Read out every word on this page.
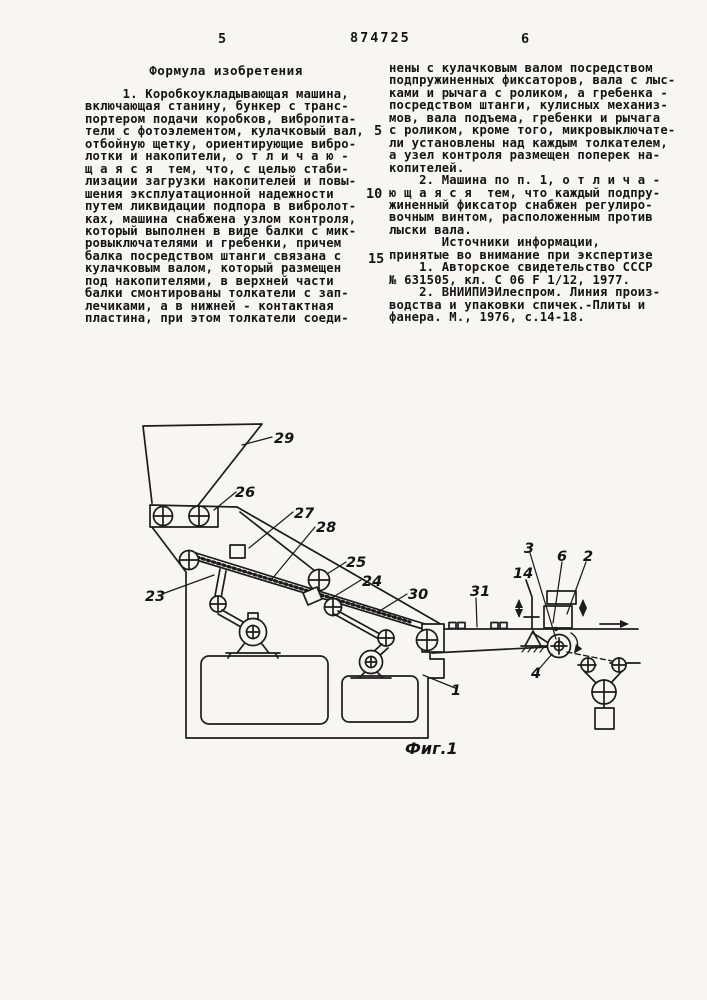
5	874725	6
Формула изобретения
1. Коробкоукладывающая машина,
включающая станину, бункер с транс-
портером подачи коробков, вибропита-
тели с фотоэлементом, кулачковый вал,
отбойную щетку, ориентирующие вибро-
лотки и накопители, о т л и ч а ю -
щ а я с я  тем, что, с целью стаби-
лизации загрузки накопителей и повы-
шения эксплуатационной надежности
путем ликвидации подпора в вибролот-
ках, машина снабжена узлом контроля,
который выполнен в виде балки с мик-
ровыключателями и гребенки, причем
балка посредством штанги связана с
кулачковым валом, который размещен
под накопителями, в верхней части
балки смонтированы толкатели с зап-
лечиками, а в нижней - контактная
пластина, при этом толкатели соеди-
нены с кулачковым валом посредством
подпружиненных фиксаторов, вала с лыс-
ками и рычага с роликом, а гребенка -
посредством штанги, кулисных механиз-
мов, вала подъема, гребенки и рычага
с роликом, кроме того, микровыключате-
ли установлены над каждым толкателем,
а узел контроля размещен поперек на-
копителей.
2. Машина по п. 1, о т л и ч а -
ю щ а я с я  тем, что каждый подпру-
жиненный фиксатор снабжен регулиро-
вочным винтом, расположенным против
лыски вала.
Источники информации,
принятые во внимание при экспертизе
1. Авторское свидетельство СССР
№ 631505, кл. C 06 F 1/12, 1977.
2. ВНИИПИЭИлеспром. Линия произ-
водства и упаковки спичек.-Плиты и
фанера. М., 1976, с.14-18.
5
10
15
29
26
27
28
25
24
23	30	31
14
3 6 2
4
1
Фиг.1
